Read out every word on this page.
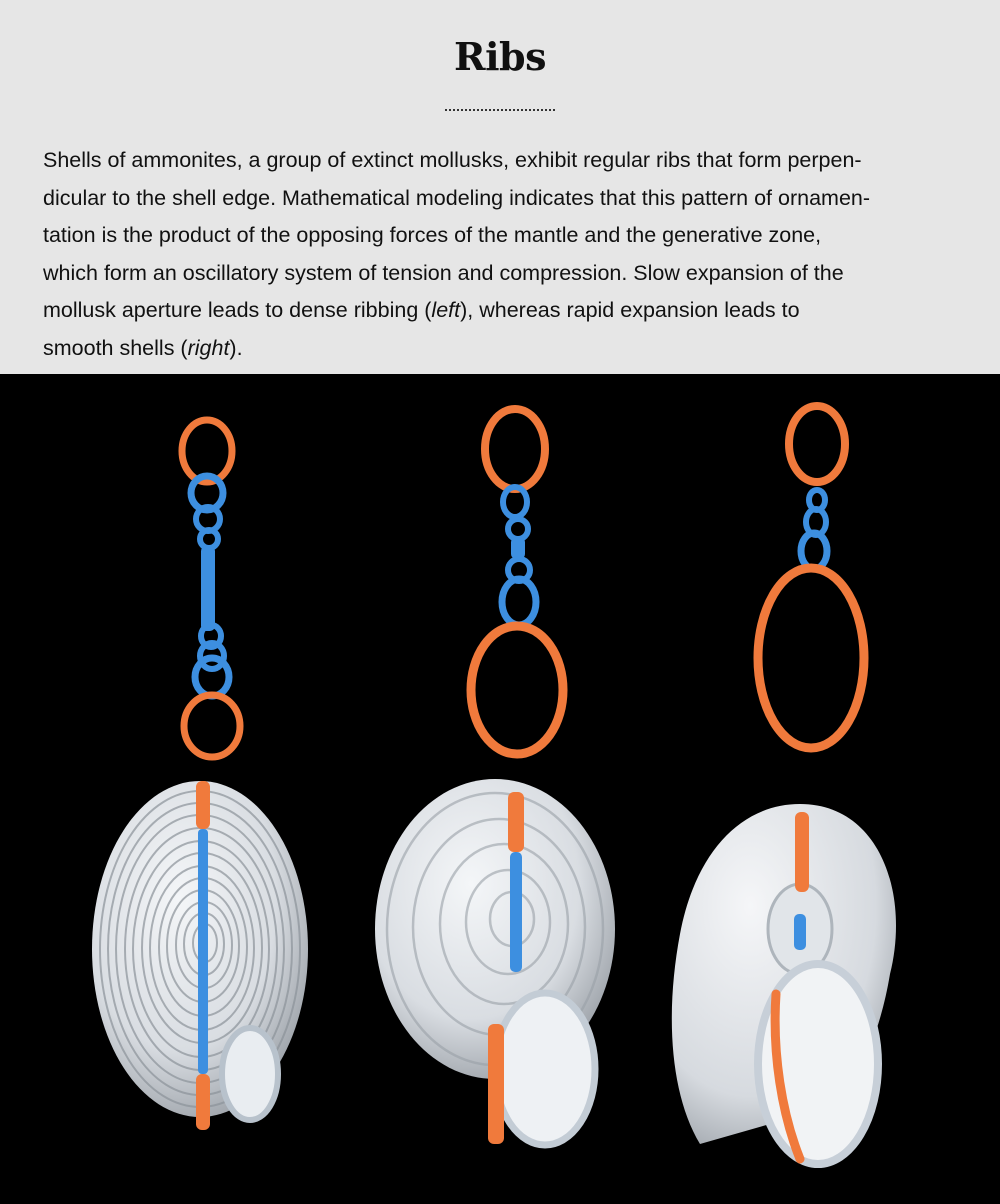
Ribs
Shells of ammonites, a group of extinct mollusks, exhibit regular ribs that form perpen-
dicular to the shell edge. Mathematical modeling indicates that this pattern of ornamen-
tation is the product of the opposing forces of the mantle and the generative zone,
which form an oscillatory system of tension and compression. Slow expansion of the
mollusk aperture leads to dense ribbing (left), whereas rapid expansion leads to
smooth shells (right).
